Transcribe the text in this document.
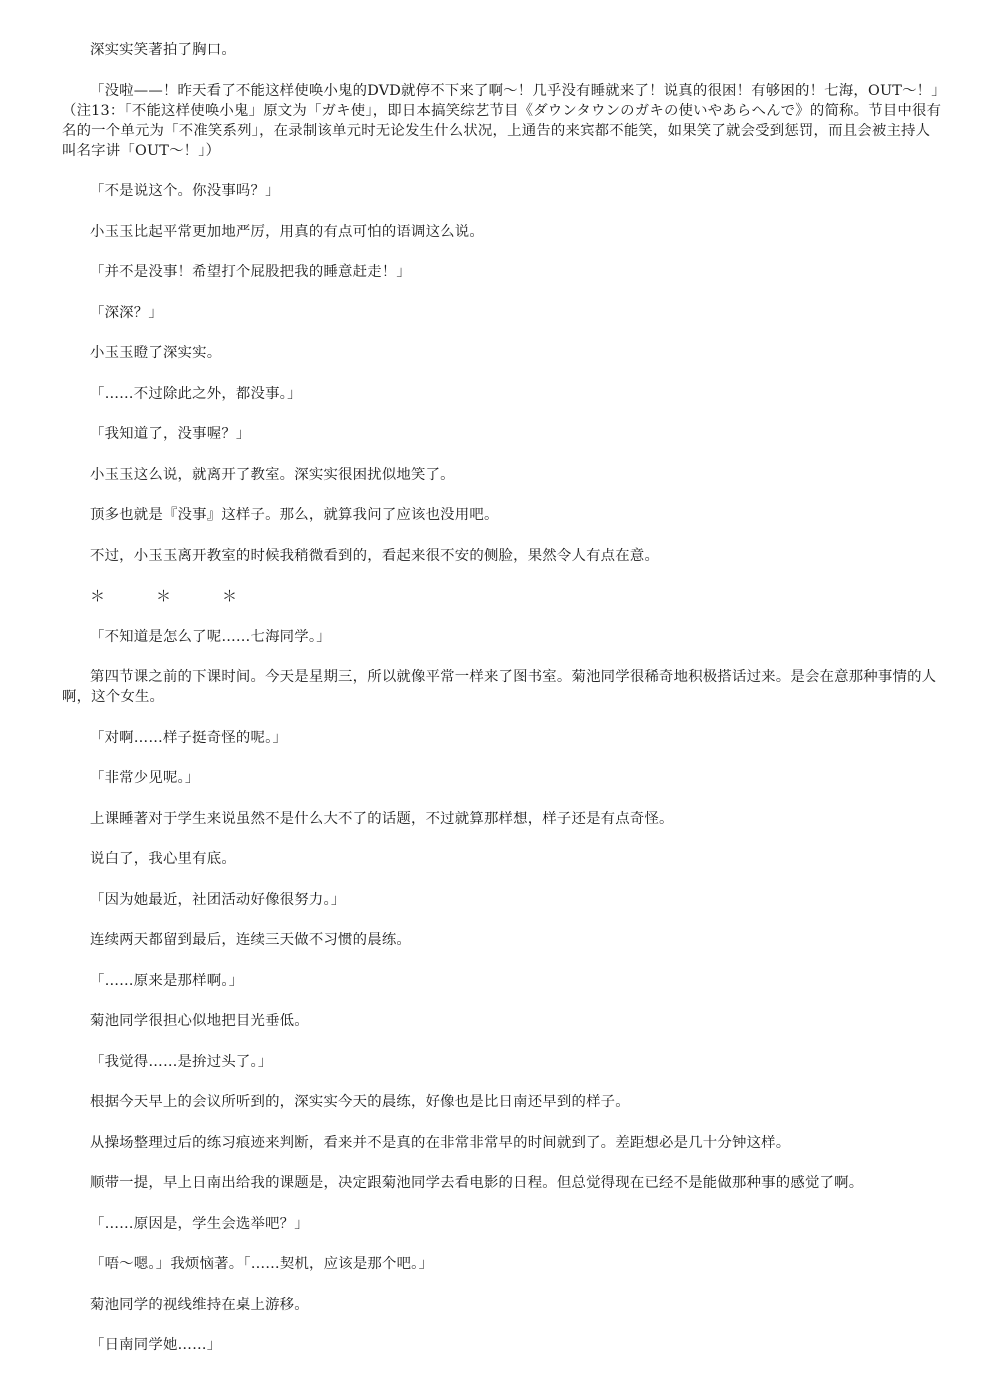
深实实笑著拍了胸口。

「没啦——！昨天看了不能这样使唤小鬼的DVD就停不下来了啊～！几乎没有睡就来了！说真的很困！有够困的！七海，OUT～！」（注13：「不能这样使唤小鬼」原文为「ガキ使」，即日本搞笑综艺节目《ダウンタウンのガキの使いやあらへんで》的简称。节目中很有名的一个单元为「不准笑系列」，在录制该单元时无论发生什么状况，上通告的来宾都不能笑，如果笑了就会受到惩罚，而且会被主持人叫名字讲「OUT～！」）

「不是说这个。你没事吗？」

小玉玉比起平常更加地严厉，用真的有点可怕的语调这么说。

「并不是没事！希望打个屁股把我的睡意赶走！」

「深深？」

小玉玉瞪了深实实。

「……不过除此之外，都没事。」

「我知道了，没事喔？」

小玉玉这么说，就离开了教室。深实实很困扰似地笑了。

顶多也就是『没事』这样子。那么，就算我问了应该也没用吧。

不过，小玉玉离开教室的时候我稍微看到的，看起来很不安的侧脸，果然令人有点在意。

＊　＊　＊

「不知道是怎么了呢……七海同学。」

第四节课之前的下课时间。今天是星期三，所以就像平常一样来了图书室。菊池同学很稀奇地积极搭话过来。是会在意那种事情的人啊，这个女生。

「对啊……样子挺奇怪的呢。」

「非常少见呢。」

上课睡著对于学生来说虽然不是什么大不了的话题，不过就算那样想，样子还是有点奇怪。

说白了，我心里有底。

「因为她最近，社团活动好像很努力。」

连续两天都留到最后，连续三天做不习惯的晨练。

「……原来是那样啊。」

菊池同学很担心似地把目光垂低。

「我觉得……是拚过头了。」

根据今天早上的会议所听到的，深实实今天的晨练，好像也是比日南还早到的样子。

从操场整理过后的练习痕迹来判断，看来并不是真的在非常非常早的时间就到了。差距想必是几十分钟这样。

顺带一提，早上日南出给我的课题是，决定跟菊池同学去看电影的日程。但总觉得现在已经不是能做那种事的感觉了啊。

「……原因是，学生会选举吧？」

「唔～嗯。」我烦恼著。「……契机，应该是那个吧。」

菊池同学的视线维持在桌上游移。

「日南同学她……」
